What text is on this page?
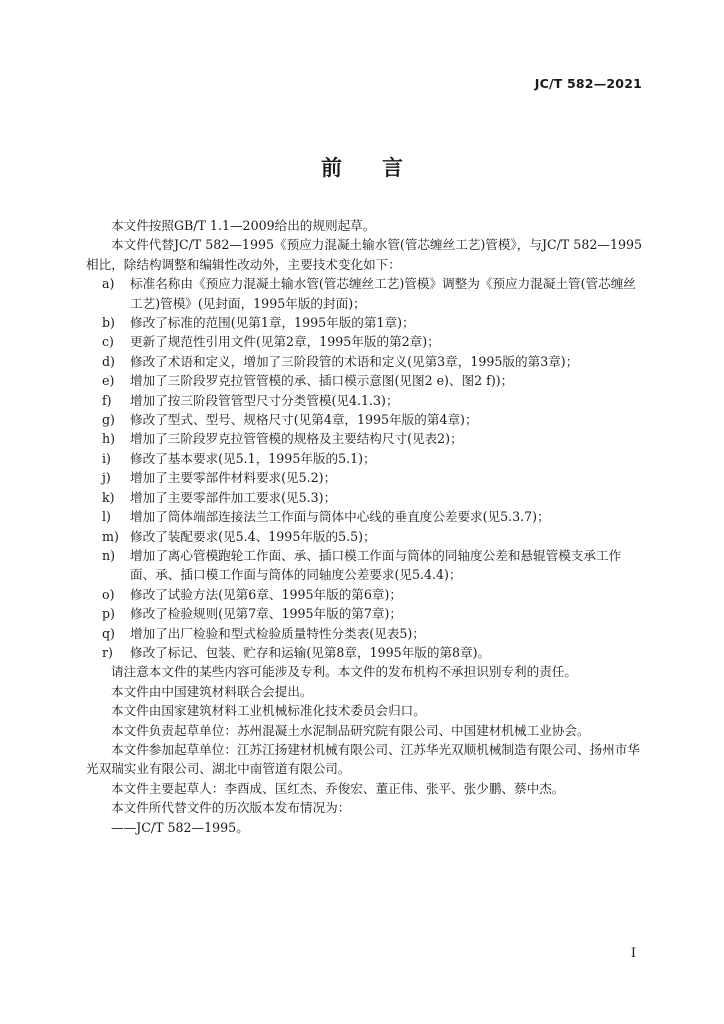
JC/T 582—2021
前 言

本文件按照GB/T 1.1—2009给出的规则起草。

本文件代替JC/T 582—1995《预应力混凝土输水管(管芯缠丝工艺)管模》，与JC/T 582—1995相比，除结构调整和编辑性改动外，主要技术变化如下：

a) 标准名称由《预应力混凝土输水管(管芯缠丝工艺)管模》调整为《预应力混凝土管(管芯缠丝工艺)管模》(见封面，1995年版的封面)；
b) 修改了标准的范围(见第1章，1995年版的第1章)；
c) 更新了规范性引用文件(见第2章，1995年版的第2章)；
d) 修改了术语和定义，增加了三阶段管的术语和定义(见第3章，1995版的第3章)；
e) 增加了三阶段罗克拉管管模的承、插口模示意图(见图2 e)、图2 f))；
f) 增加了按三阶段管管型尺寸分类管模(见4.1.3)；
g) 修改了型式、型号、规格尺寸(见第4章，1995年版的第4章)；
h) 增加了三阶段罗克拉管管模的规格及主要结构尺寸(见表2)；
i) 修改了基本要求(见5.1，1995年版的5.1)；
j) 增加了主要零部件材料要求(见5.2)；
k) 增加了主要零部件加工要求(见5.3)；
l) 增加了筒体端部连接法兰工作面与筒体中心线的垂直度公差要求(见5.3.7)；
m) 修改了装配要求(见5.4、1995年版的5.5)；
n) 增加了离心管模跑轮工作面、承、插口模工作面与筒体的同轴度公差和悬辊管模支承工作面、承、插口模工作面与筒体的同轴度公差要求(见5.4.4)；
o) 修改了试验方法(见第6章、1995年版的第6章)；
p) 修改了检验规则(见第7章、1995年版的第7章)；
q) 增加了出厂检验和型式检验质量特性分类表(见表5)；
r) 修改了标记、包装、贮存和运输(见第8章，1995年版的第8章)。

请注意本文件的某些内容可能涉及专利。本文件的发布机构不承担识别专利的责任。

本文件由中国建筑材料联合会提出。

本文件由国家建筑材料工业机械标准化技术委员会归口。

本文件负责起草单位：苏州混凝土水泥制品研究院有限公司、中国建材机械工业协会。

本文件参加起草单位：江苏江扬建材机械有限公司、江苏华光双顺机械制造有限公司、扬州市华光双瑞实业有限公司、湖北中南管道有限公司。

本文件主要起草人：李酉成、匡红杰、乔俊宏、董正伟、张平、张少鹏、蔡中杰。

本文件所代替文件的历次版本发布情况为：

——JC/T 582—1995。

I
